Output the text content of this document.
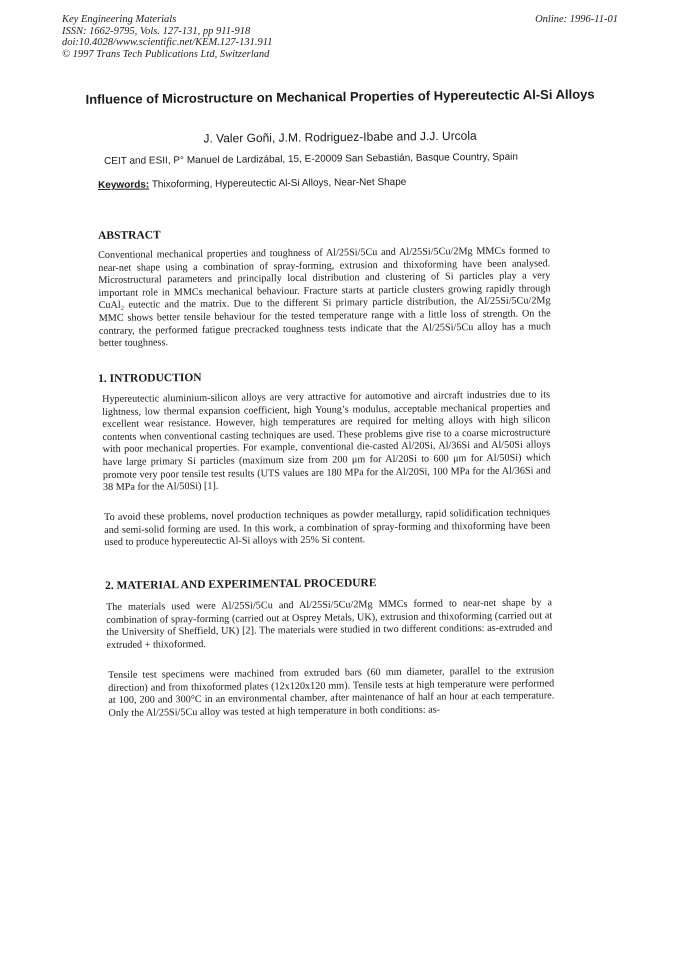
Key Engineering Materials
ISSN: 1662-9795, Vols. 127-131, pp 911-918
doi:10.4028/www.scientific.net/KEM.127-131.911
© 1997 Trans Tech Publications Ltd, Switzerland
Online: 1996-11-01
Influence of Microstructure on Mechanical Properties of Hypereutectic Al-Si Alloys
J. Valer Goñi, J.M. Rodriguez-Ibabe and J.J. Urcola
CEIT and ESII, P° Manuel de Lardizábal, 15, E-20009 San Sebastián, Basque Country, Spain
Keywords: Thixoforming, Hypereutectic Al-Si Alloys, Near-Net Shape
ABSTRACT
Conventional mechanical properties and toughness of Al/25Si/5Cu and Al/25Si/5Cu/2Mg MMCs formed to near-net shape using a combination of spray-forming, extrusion and thixoforming have been analysed. Microstructural parameters and principally local distribution and clustering of Si particles play a very important role in MMCs mechanical behaviour. Fracture starts at particle clusters growing rapidly through CuAl₂ eutectic and the matrix. Due to the different Si primary particle distribution, the Al/25Si/5Cu/2Mg MMC shows better tensile behaviour for the tested temperature range with a little loss of strength. On the contrary, the performed fatigue precracked toughness tests indicate that the Al/25Si/5Cu alloy has a much better toughness.
1. INTRODUCTION
Hypereutectic aluminium-silicon alloys are very attractive for automotive and aircraft industries due to its lightness, low thermal expansion coefficient, high Young’s modulus, acceptable mechanical properties and excellent wear resistance. However, high temperatures are required for melting alloys with high silicon contents when conventional casting techniques are used. These problems give rise to a coarse microstructure with poor mechanical properties. For example, conventional die-casted Al/20Si, Al/36Si and Al/50Si alloys have large primary Si particles (maximum size from 200 μm for Al/20Si to 600 μm for Al/50Si) which promote very poor tensile test results (UTS values are 180 MPa for the Al/20Si, 100 MPa for the Al/36Si and 38 MPa for the Al/50Si) [1].
To avoid these problems, novel production techniques as powder metallurgy, rapid solidification techniques and semi-solid forming are used. In this work, a combination of spray-forming and thixoforming have been used to produce hypereutectic Al-Si alloys with 25% Si content.
2. MATERIAL AND EXPERIMENTAL PROCEDURE
The materials used were Al/25Si/5Cu and Al/25Si/5Cu/2Mg MMCs formed to near-net shape by a combination of spray-forming (carried out at Osprey Metals, UK), extrusion and thixoforming (carried out at the University of Sheffield, UK) [2]. The materials were studied in two different conditions: as-extruded and extruded + thixoformed.
Tensile test specimens were machined from extruded bars (60 mm diameter, parallel to the extrusion direction) and from thixoformed plates (12x120x120 mm). Tensile tests at high temperature were performed at 100, 200 and 300°C in an environmental chamber, after maintenance of half an hour at each temperature. Only the Al/25Si/5Cu alloy was tested at high temperature in both conditions: as-
